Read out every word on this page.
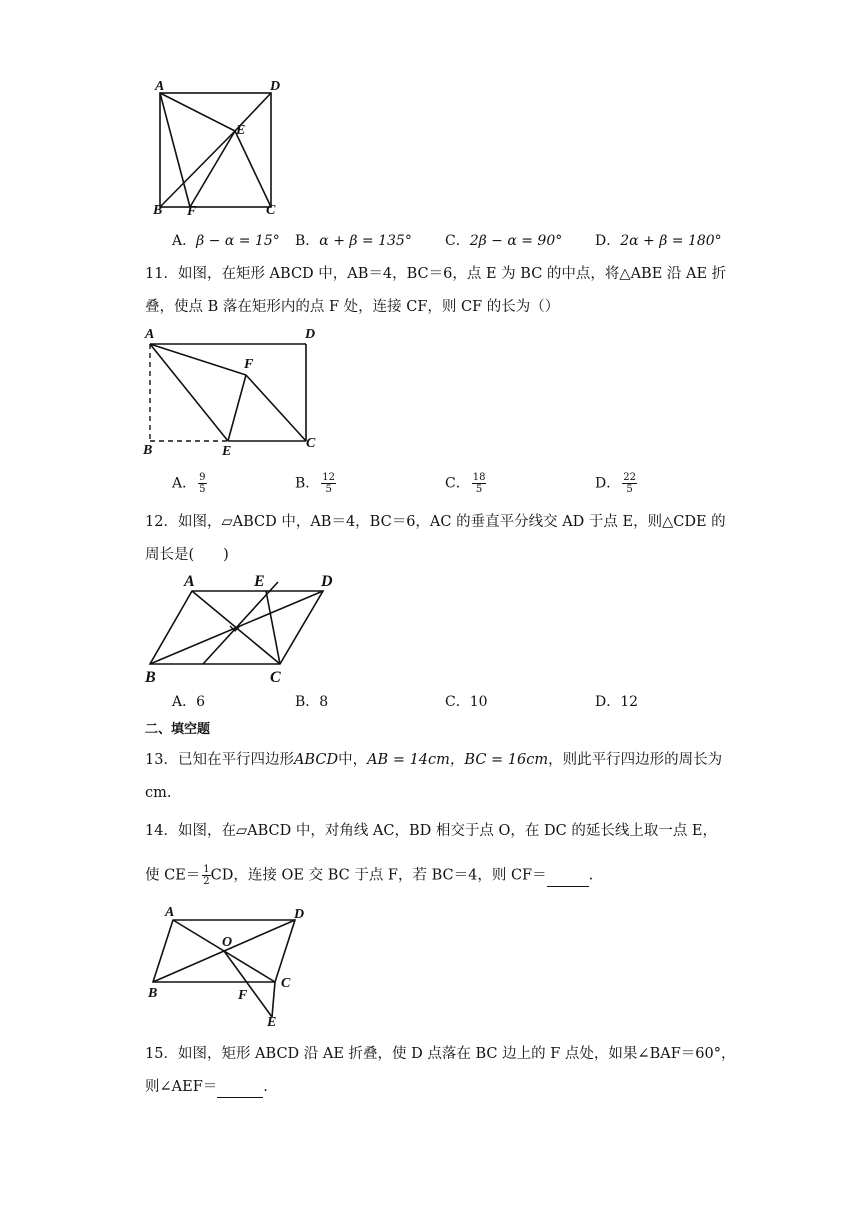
A	D
E
B F	C
A．β − α = 15° B．α + β = 135° C．2β − α = 90° D．2α + β = 180°
11．如图，在矩形 ABCD 中，AB＝4，BC＝6，点 E 为 BC 的中点，将△ABE 沿 AE 折
叠，使点 B 落在矩形内的点 F 处，连接 CF，则 CF 的长为（）
A	D
F
B	E
C
A． $\frac{9}{5}$	B． $\frac{12}{5}$	C． $\frac{18}{5}$	D． $\frac{22}{5}$
12．如图，▱ABCD 中，AB＝4，BC＝6，AC 的垂直平分线交 AD 于点 E，则△CDE 的
周长是(　　)
A	E	D
B	C
A．6	B．8	C．10	D．12
二、填空题
13．已知在平行四边形ABCD中，AB = 14cm，BC = 16cm，则此平行四边形的周长为
cm.
14．如图，在▱ABCD 中，对角线 AC，BD 相交于点 O，在 DC 的延长线上取一点 E，
使 $CE= \frac{1}{2}$ CD，连接 OE 交 BC 于点 F，若 BC＝4，则 CF＝	.
A	D
O
B	F
C
E
15．如图，矩形 ABCD 沿 AE 折叠，使 D 点落在 BC 边上的 F 点处，如果∠BAF＝60°，
则∠AEF＝	.
